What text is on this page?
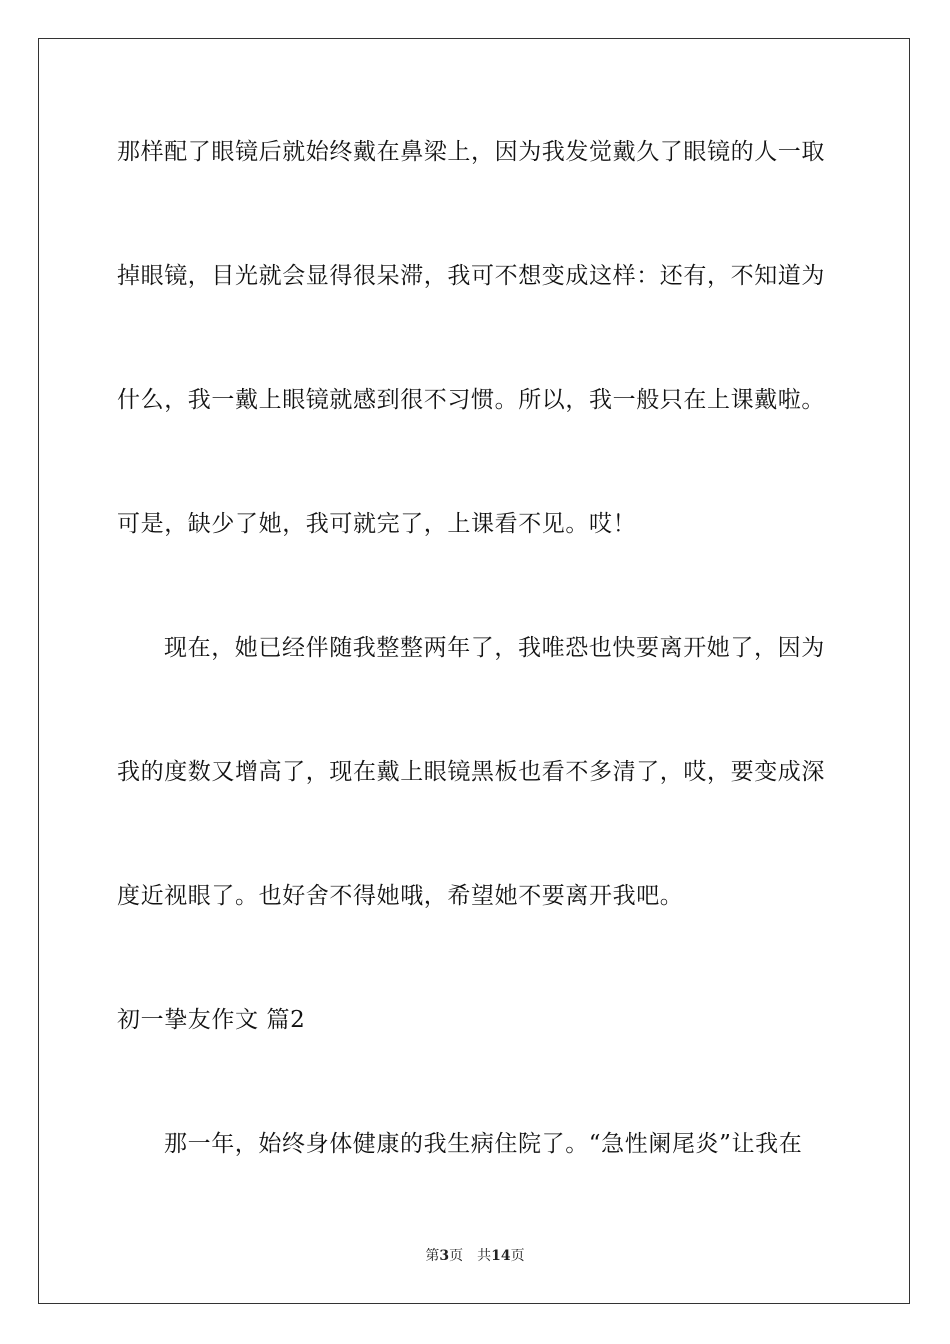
那样配了眼镜后就始终戴在鼻梁上，因为我发觉戴久了眼镜的人一取
掉眼镜，目光就会显得很呆滞，我可不想变成这样：还有，不知道为
什么，我一戴上眼镜就感到很不习惯。所以，我一般只在上课戴啦。
可是，缺少了她，我可就完了，上课看不见。哎！
现在，她已经伴随我整整两年了，我唯恐也快要离开她了，因为
我的度数又增高了，现在戴上眼镜黑板也看不多清了，哎，要变成深
度近视眼了。也好舍不得她哦，希望她不要离开我吧。
初一挚友作文 篇2
那一年，始终身体健康的我生病住院了。“急性阑尾炎”让我在
第3页 共14页
